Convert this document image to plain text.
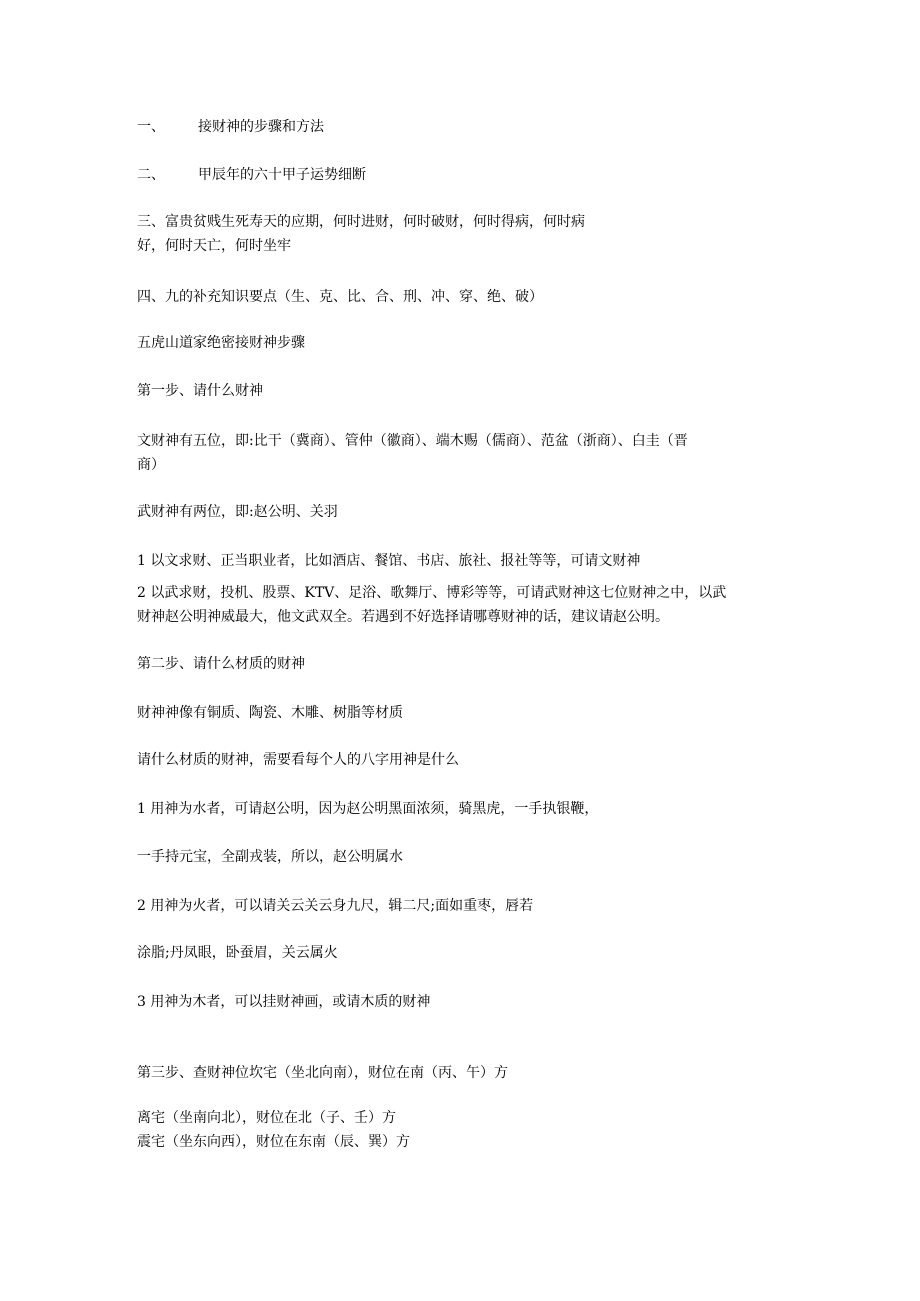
一、 接财神的步骤和方法
二、 甲辰年的六十甲子运势细断
三、富贵贫贱生死寿天的应期，何时进财，何时破财，何时得病，何时病
好，何时天亡，何时坐牢
四、九的补充知识要点（生、克、比、合、刑、冲、穿、绝、破）
五虎山道家绝密接财神步骤
第一步、请什么财神
文财神有五位，即:比干（冀商）、管仲（徽商）、端木赐（儒商）、范盆（浙商）、白圭（晋
商）
武财神有两位，即:赵公明、关羽
1 以文求财、正当职业者，比如酒店、餐馆、书店、旅社、报社等等，可请文财神
2 以武求财，投机、股票、KTV、足浴、歌舞厅、博彩等等，可请武财神这七位财神之中，以武
财神赵公明神威最大，他文武双全。若遇到不好选择请哪尊财神的话，建议请赵公明。
第二步、请什么材质的财神
财神神像有铜质、陶瓷、木雕、树脂等材质
请什么材质的财神，需要看每个人的八字用神是什么
1 用神为水者，可请赵公明，因为赵公明黑面浓须，骑黑虎，一手执银鞭，
一手持元宝，全副戎装，所以，赵公明属水
2 用神为火者，可以请关云关云身九尺，辑二尺;面如重枣，唇若
涂脂;丹凤眼，卧蚕眉，关云属火
3 用神为木者，可以挂财神画，或请木质的财神
第三步、查财神位坎宅（坐北向南），财位在南（丙、午）方
离宅（坐南向北），财位在北（子、壬）方
震宅（坐东向西），财位在东南（辰、巽）方
